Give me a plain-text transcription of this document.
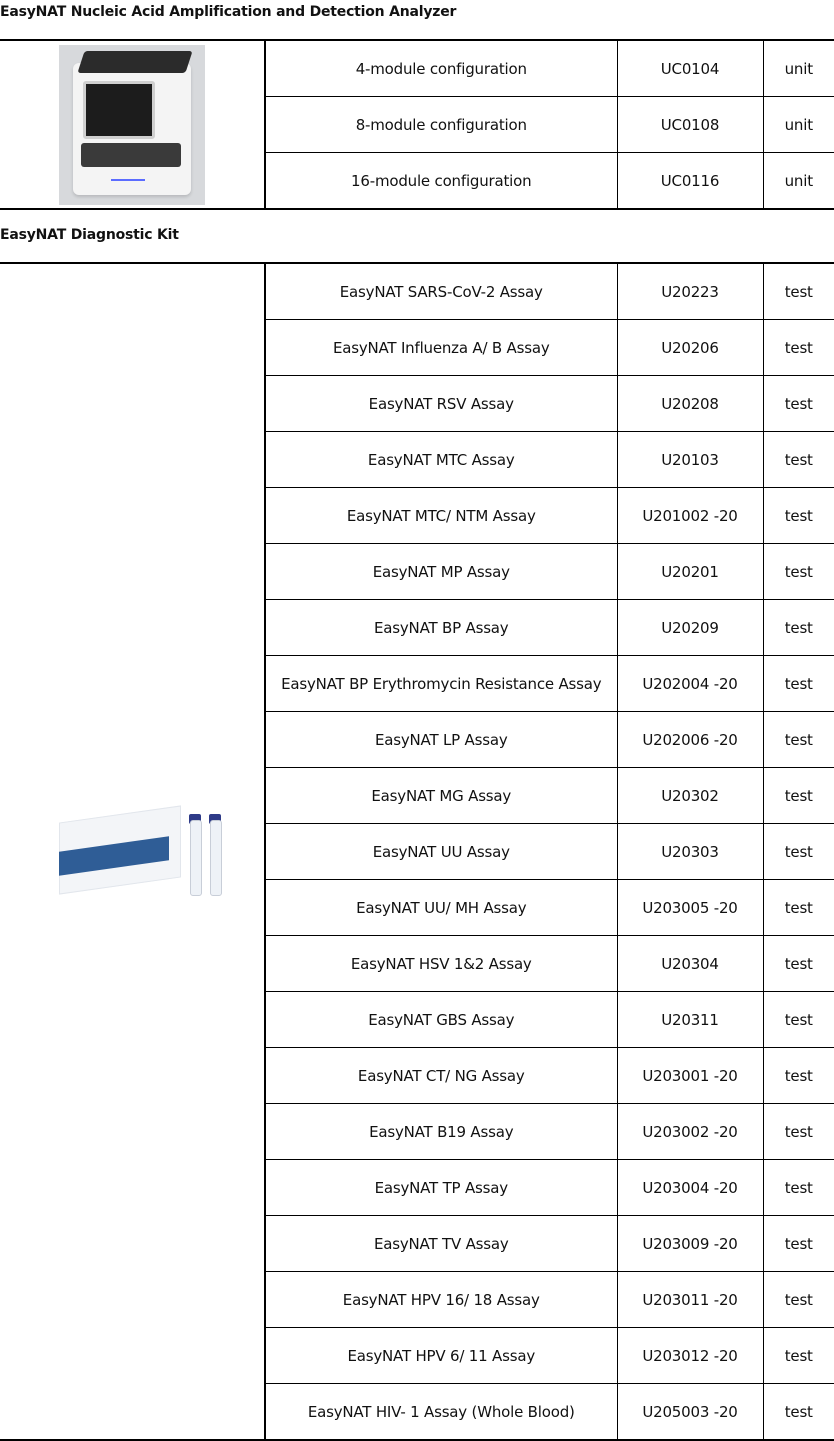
EasyNAT Nucleic Acid Amplification and Detection Analyzer
	4-module configuration	UC0104	unit
	8-module configuration	UC0108	unit
	16-module configuration	UC0116	unit
EasyNAT Diagnostic Kit
	EasyNAT SARS-CoV-2 Assay	U20223	test
	EasyNAT Influenza A/ B Assay	U20206	test
	EasyNAT RSV Assay	U20208	test
	EasyNAT MTC Assay	U20103	test
	EasyNAT MTC/ NTM Assay	U201002 -20	test
	EasyNAT MP Assay	U20201	test
	EasyNAT BP Assay	U20209	test
	EasyNAT BP Erythromycin Resistance Assay	U202004 -20	test
	EasyNAT LP Assay	U202006 -20	test
	EasyNAT MG Assay	U20302	test
	EasyNAT UU Assay	U20303	test
	EasyNAT UU/ MH Assay	U203005 -20	test
	EasyNAT HSV 1&2 Assay	U20304	test
	EasyNAT GBS Assay	U20311	test
	EasyNAT CT/ NG Assay	U203001 -20	test
	EasyNAT B19 Assay	U203002 -20	test
	EasyNAT TP Assay	U203004 -20	test
	EasyNAT TV Assay	U203009 -20	test
	EasyNAT HPV 16/ 18 Assay	U203011 -20	test
	EasyNAT HPV 6/ 11 Assay	U203012 -20	test
	EasyNAT HIV- 1 Assay (Whole Blood)	U205003 -20	test
